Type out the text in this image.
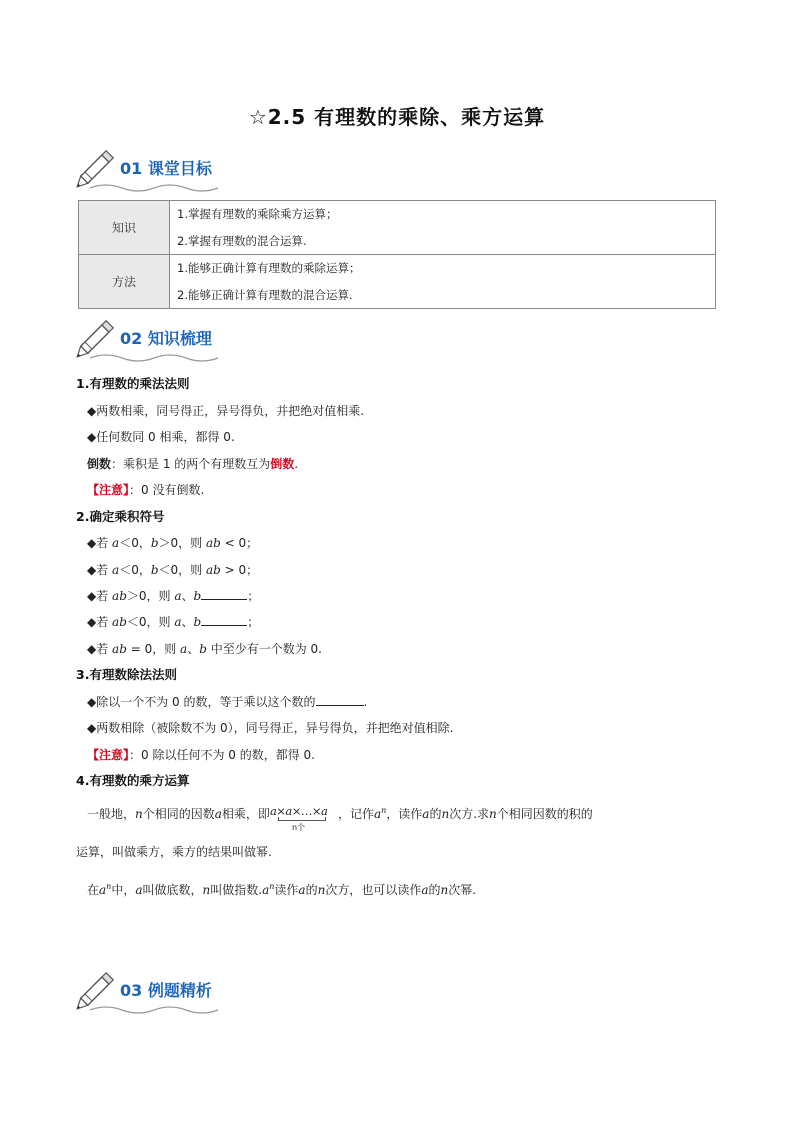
☆2.5 有理数的乘除、乘方运算
01 课堂目标
知识	1.掌握有理数的乘除乘方运算；
2.掌握有理数的混合运算.

方法	1.能够正确计算有理数的乘除运算；
2.能够正确计算有理数的混合运算.
02 知识梳理
1.有理数的乘法法则
◆两数相乘，同号得正，异号得负，并把绝对值相乘.
◆任何数同 0 相乘，都得 0.
倒数：乘积是 1 的两个有理数互为倒数.
【注意】：0 没有倒数.
2.确定乘积符号
◆若 a＜0，b＞0，则 ab < 0；
◆若 a＜0，b＜0，则 ab > 0；
◆若 ab＞0，则 a、b	；
◆若 ab＜0，则 a、b	；
◆若 ab = 0，则 a、b 中至少有一个数为 0.
3.有理数除法法则
◆除以一个不为 0 的数，等于乘以这个数的	.
◆两数相除（被除数不为 0），同号得正，异号得负，并把绝对值相除.
【注意】：0 除以任何不为 0 的数，都得 0.
4.有理数的乘方运算
一般地，n个相同的因数a相乘，即 a×a×…×a
n个
，记作$a^n$，读作a的n次方.求n个相同因数的积的
运算，叫做乘方，乘方的结果叫做幂.
在$a^n$中，a叫做底数，n叫做指数$.a^n$读作a的n次方，也可以读作a的n次幂.
03 例题精析
